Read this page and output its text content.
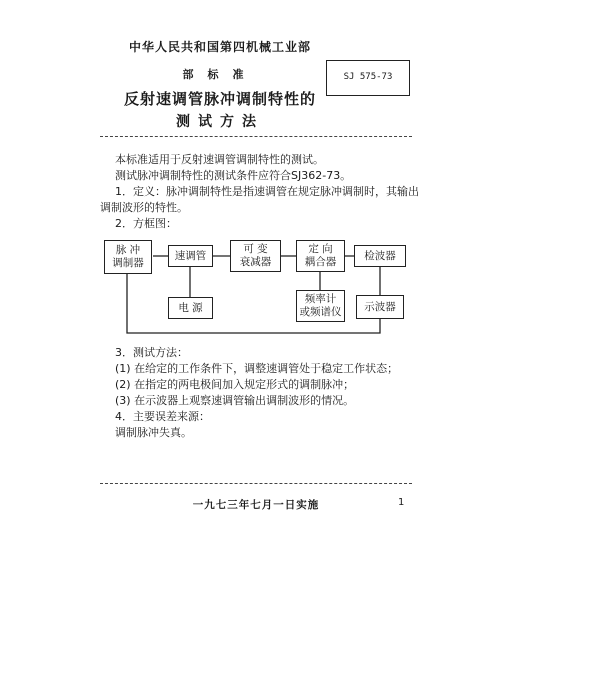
中华人民共和国第四机械工业部
部标准
反射速调管脉冲调制特性的
测试方法
SJ 575-73
本标准适用于反射速调管调制特性的测试。
测试脉冲调制特性的测试条件应符合SJ362-73。
1．定义：脉冲调制特性是指速调管在规定脉冲调制时，其输出
调制波形的特性。
2．方框图：
脉 冲
调制器
速调管
可 变
衰减器
定 向
耦合器
检波器
电 源
频率计
或频谱仪 示波器
3．测试方法：
(1) 在给定的工作条件下，调整速调管处于稳定工作状态；
(2) 在指定的两电极间加入规定形式的调制脉冲；
(3) 在示波器上观察速调管输出调制波形的情况。
4．主要误差来源：
调制脉冲失真。
一九七三年七月一日实施	1
